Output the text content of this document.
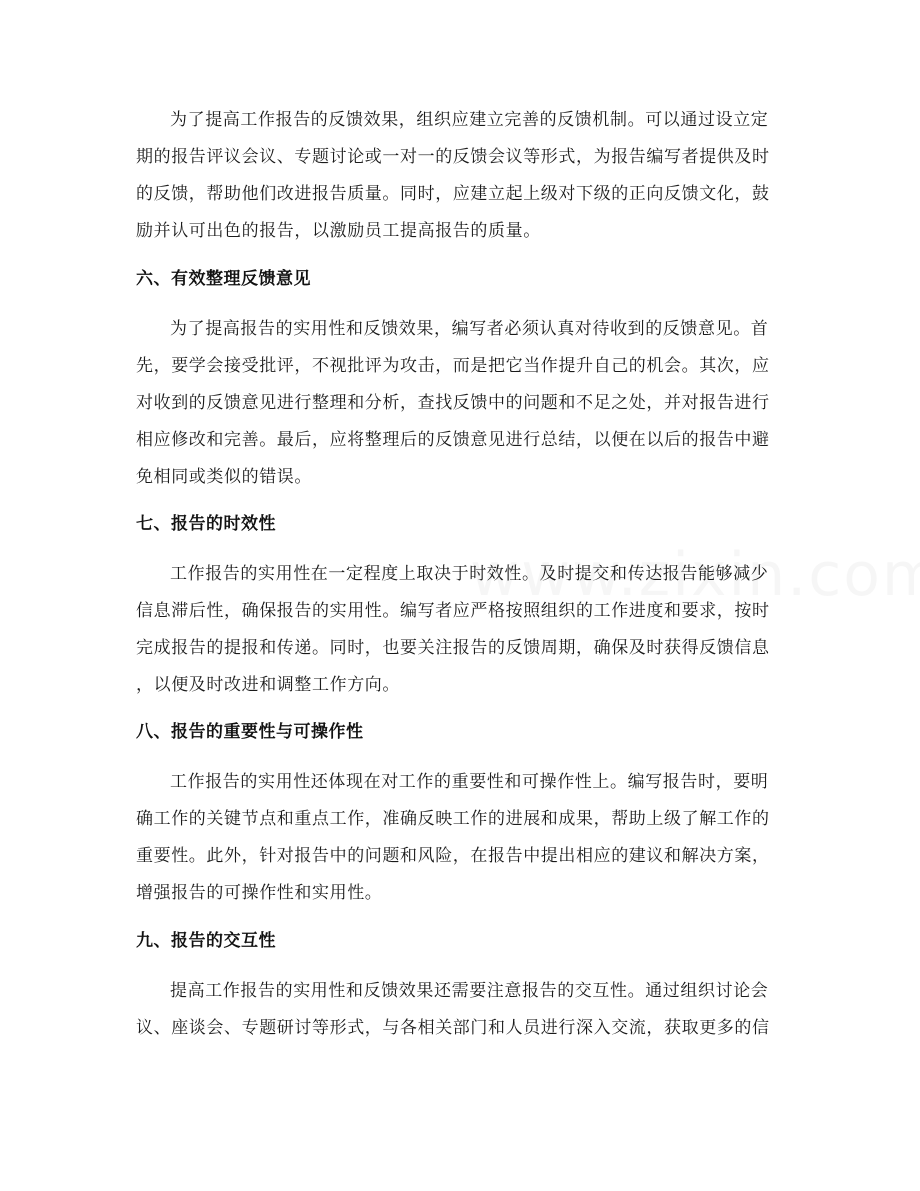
为了提高工作报告的反馈效果，组织应建立完善的反馈机制。可以通过设立定
期的报告评议会议、专题讨论或一对一的反馈会议等形式，为报告编写者提供及时
的反馈，帮助他们改进报告质量。同时，应建立起上级对下级的正向反馈文化，鼓
励并认可出色的报告，以激励员工提高报告的质量。
六、有效整理反馈意见
为了提高报告的实用性和反馈效果，编写者必须认真对待收到的反馈意见。首
先，要学会接受批评，不视批评为攻击，而是把它当作提升自己的机会。其次，应
对收到的反馈意见进行整理和分析，查找反馈中的问题和不足之处，并对报告进行
相应修改和完善。最后，应将整理后的反馈意见进行总结，以便在以后的报告中避
免相同或类似的错误。
七、报告的时效性
工作报告的实用性在一定程度上取决于时效性。及时提交和传达报告能够减少
信息滞后性，确保报告的实用性。编写者应严格按照组织的工作进度和要求，按时
完成报告的提报和传递。同时，也要关注报告的反馈周期，确保及时获得反馈信息
，以便及时改进和调整工作方向。
八、报告的重要性与可操作性
工作报告的实用性还体现在对工作的重要性和可操作性上。编写报告时，要明
确工作的关键节点和重点工作，准确反映工作的进展和成果，帮助上级了解工作的
重要性。此外，针对报告中的问题和风险，在报告中提出相应的建议和解决方案，
增强报告的可操作性和实用性。
九、报告的交互性
提高工作报告的实用性和反馈效果还需要注意报告的交互性。通过组织讨论会
议、座谈会、专题研讨等形式，与各相关部门和人员进行深入交流，获取更多的信
